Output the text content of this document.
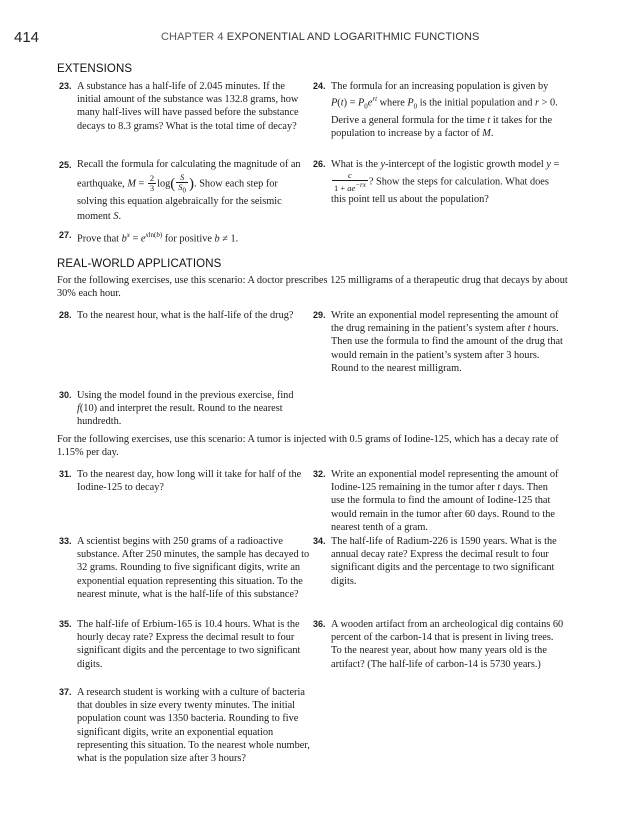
414	CHAPTER 4 EXPONENTIAL AND LOGARITHMIC FUNCTIONS
EXTENSIONS
23. A substance has a half-life of 2.045 minutes. If the initial amount of the substance was 132.8 grams, how many half-lives will have passed before the substance decays to 8.3 grams? What is the total time of decay?
24. The formula for an increasing population is given by $P(t) = P_0e^{rt}$ where $P_0$ is the initial population and r > 0. Derive a general formula for the time t it takes for the population to increase by a factor of M.
25. Recall the formula for calculating the magnitude of an earthquake, $M = \frac{2}{3} \log( \frac{S}{S_0}$ ). Show each step for solving this equation algebraically for the seismic moment S.
26. What is the y-intercept of the logistic growth model y =
$\frac{c}{1 + ae^{-rx}}$ ? Show the steps for calculation. What does this point tell us about the population?
27. Prove that $b^x = e^{xln(b)}$ for positive b ≠ 1.
REAL-WORLD APPLICATIONS
For the following exercises, use this scenario: A doctor prescribes 125 milligrams of a therapeutic drug that decays by about 30% each hour.
28. To the nearest hour, what is the half-life of the drug?	29. Write an exponential model representing the amount of the drug remaining in the patient’s system after t hours. Then use the formula to find the amount of the drug that would remain in the patient’s system after 3 hours. Round to the nearest milligram.
30. Using the model found in the previous exercise, find f(10) and interpret the result. Round to the nearest hundredth.
For the following exercises, use this scenario: A tumor is injected with 0.5 grams of Iodine-125, which has a decay rate of 1.15% per day.
31. To the nearest day, how long will it take for half of the Iodine-125 to decay?
32. Write an exponential model representing the amount of Iodine-125 remaining in the tumor after t days. Then use the formula to find the amount of Iodine-125 that would remain in the tumor after 60 days. Round to the nearest tenth of a gram.
33. A scientist begins with 250 grams of a radioactive substance. After 250 minutes, the sample has decayed to 32 grams. Rounding to five significant digits, write an exponential equation representing this situation. To the nearest minute, what is the half-life of this substance?
34. The half-life of Radium-226 is 1590 years. What is the annual decay rate? Express the decimal result to four significant digits and the percentage to two significant digits.
35. The half-life of Erbium-165 is 10.4 hours. What is the hourly decay rate? Express the decimal result to four significant digits and the percentage to two significant digits.
36. A wooden artifact from an archeological dig contains 60 percent of the carbon-14 that is present in living trees. To the nearest year, about how many years old is the artifact? (The half-life of carbon-14 is 5730 years.)
37. A research student is working with a culture of bacteria that doubles in size every twenty minutes. The initial population count was 1350 bacteria. Rounding to five significant digits, write an exponential equation representing this situation. To the nearest whole number, what is the population size after 3 hours?
